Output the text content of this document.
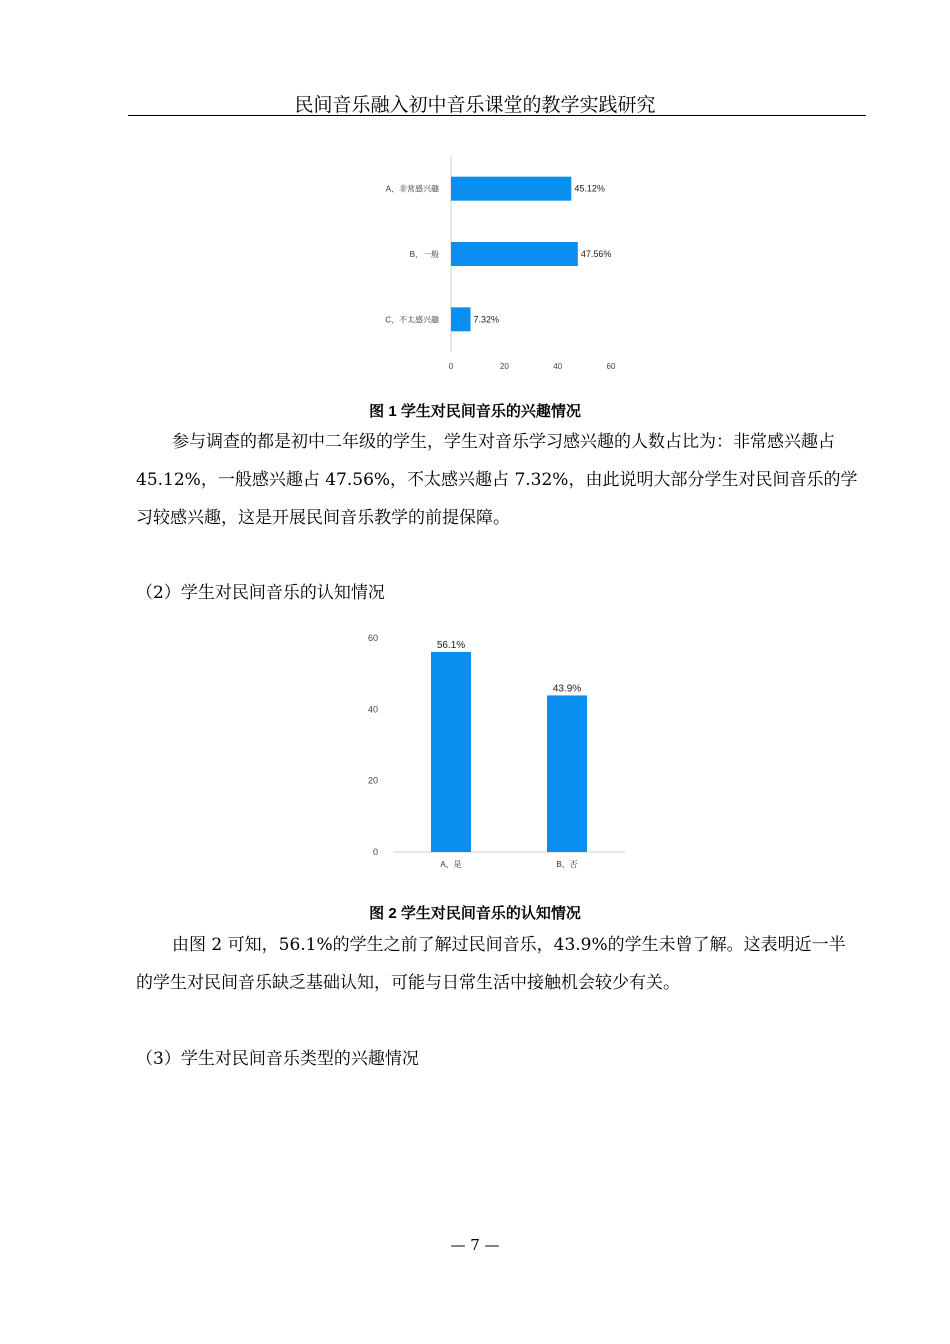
民间音乐融入初中音乐课堂的教学实践研究
A、非常感兴趣	45.12%
B、一般	47.56%
C、不太感兴趣	7.32%
0	20	40	60
图 1 学生对民间音乐的兴趣情况

参与调查的都是初中二年级的学生，学生对音乐学习感兴趣的人数占比为：非常感兴趣占 45.12%，一般感兴趣占 47.56%，不太感兴趣占 7.32%，由此说明大部分学生对民间音乐的学习较感兴趣，这是开展民间音乐教学的前提保障。

（2）学生对民间音乐的认知情况
0
20
40
60
56.1%
A、是
43.9%
B、否
图 2 学生对民间音乐的认知情况

由图 2 可知，56.1%的学生之前了解过民间音乐，43.9%的学生未曾了解。这表明近一半的学生对民间音乐缺乏基础认知，可能与日常生活中接触机会较少有关。

（3）学生对民间音乐类型的兴趣情况
— 7 —
